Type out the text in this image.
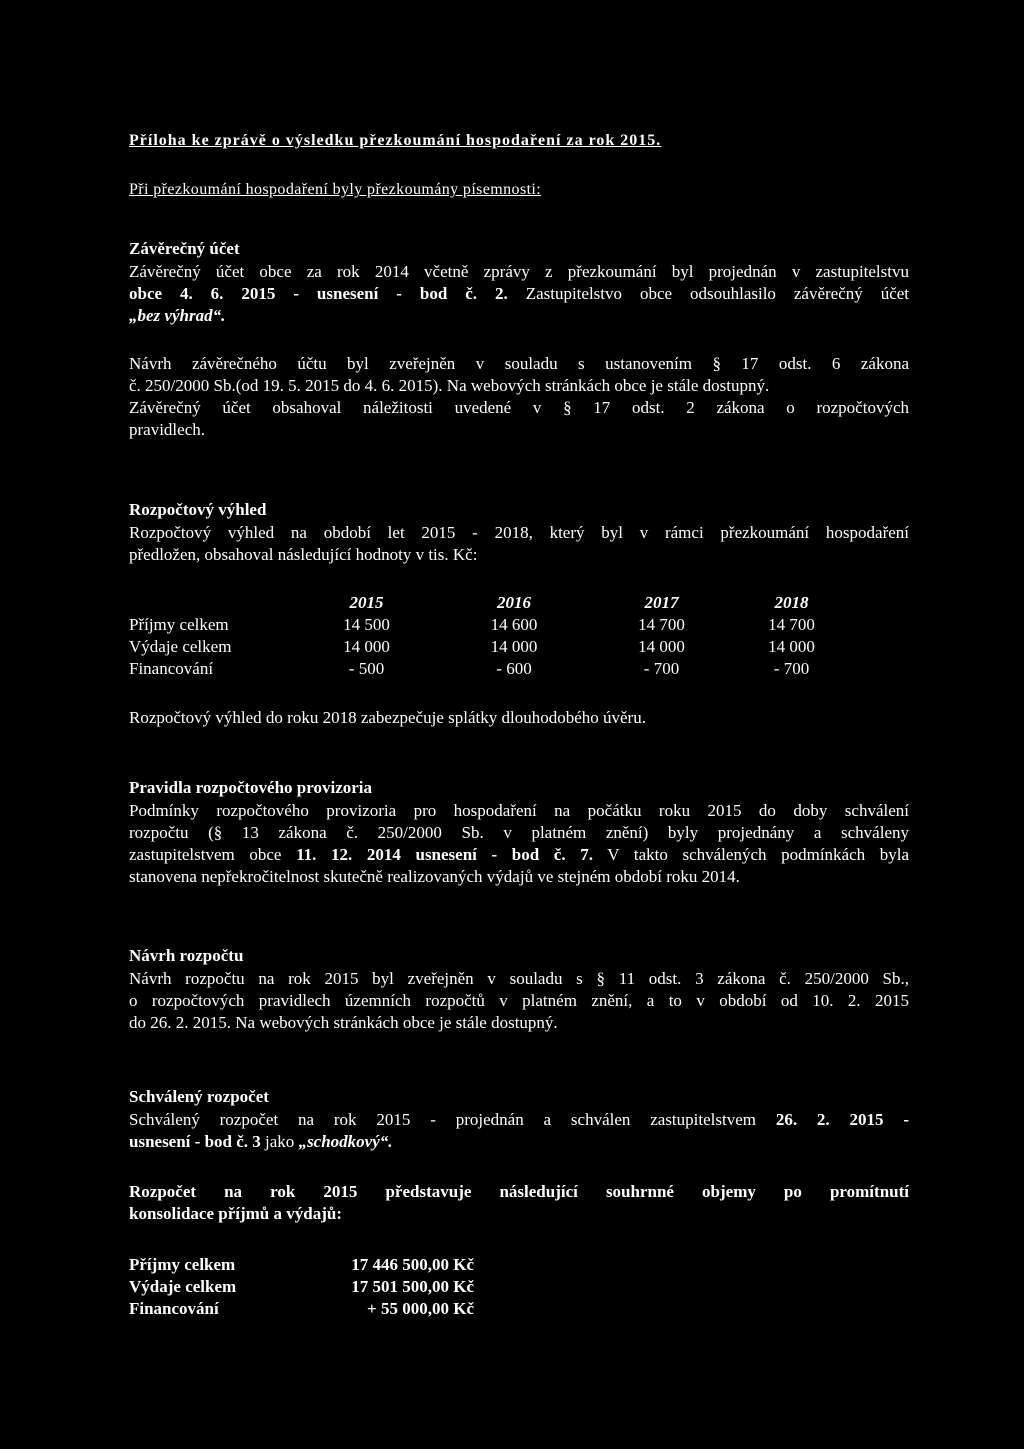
Příloha ke zprávě o výsledku přezkoumání hospodaření za rok 2015.
Při přezkoumání hospodaření byly přezkoumány písemnosti:
Závěrečný účet
Závěrečný účet obce za rok 2014 včetně zprávy z přezkoumání byl projednán v zastupitelstvu
obce 4. 6. 2015 - usnesení - bod č. 2. Zastupitelstvo obce odsouhlasilo závěrečný účet
„bez výhrad“.
Návrh závěrečného účtu byl zveřejněn v souladu s ustanovením § 17 odst. 6 zákona
č. 250/2000 Sb.(od 19. 5. 2015 do 4. 6. 2015). Na webových stránkách obce je stále dostupný.
Závěrečný účet obsahoval náležitosti uvedené v § 17 odst. 2 zákona o rozpočtových
pravidlech.
Rozpočtový výhled
Rozpočtový výhled na období let 2015 - 2018, který byl v rámci přezkoumání hospodaření
předložen, obsahoval následující hodnoty v tis. Kč:
	2015	2016	2017	2018
Příjmy celkem	14 500	14 600	14 700	14 700
Výdaje celkem	14 000	14 000	14 000	14 000
Financování	- 500	- 600	- 700	- 700
Rozpočtový výhled do roku 2018 zabezpečuje splátky dlouhodobého úvěru.
Pravidla rozpočtového provizoria
Podmínky rozpočtového provizoria pro hospodaření na počátku roku 2015 do doby schválení
rozpočtu (§ 13 zákona č. 250/2000 Sb. v platném znění) byly projednány a schváleny
zastupitelstvem obce 11. 12. 2014 usnesení - bod č. 7. V takto schválených podmínkách byla
stanovena nepřekročitelnost skutečně realizovaných výdajů ve stejném období roku 2014.
Návrh rozpočtu
Návrh rozpočtu na rok 2015 byl zveřejněn v souladu s § 11 odst. 3 zákona č. 250/2000 Sb.,
o rozpočtových pravidlech územních rozpočtů v platném znění, a to v období od 10. 2. 2015
do 26. 2. 2015. Na webových stránkách obce je stále dostupný.
Schválený rozpočet
Schválený rozpočet na rok 2015 - projednán a schválen zastupitelstvem 26. 2. 2015 -
usnesení - bod č. 3 jako „schodkový“.
Rozpočet na rok 2015 představuje následující souhrnné objemy po promítnutí
konsolidace příjmů a výdajů:
Příjmy celkem	17 446 500,00 Kč
Výdaje celkem	17 501 500,00 Kč
Financování	+ 55 000,00 Kč
